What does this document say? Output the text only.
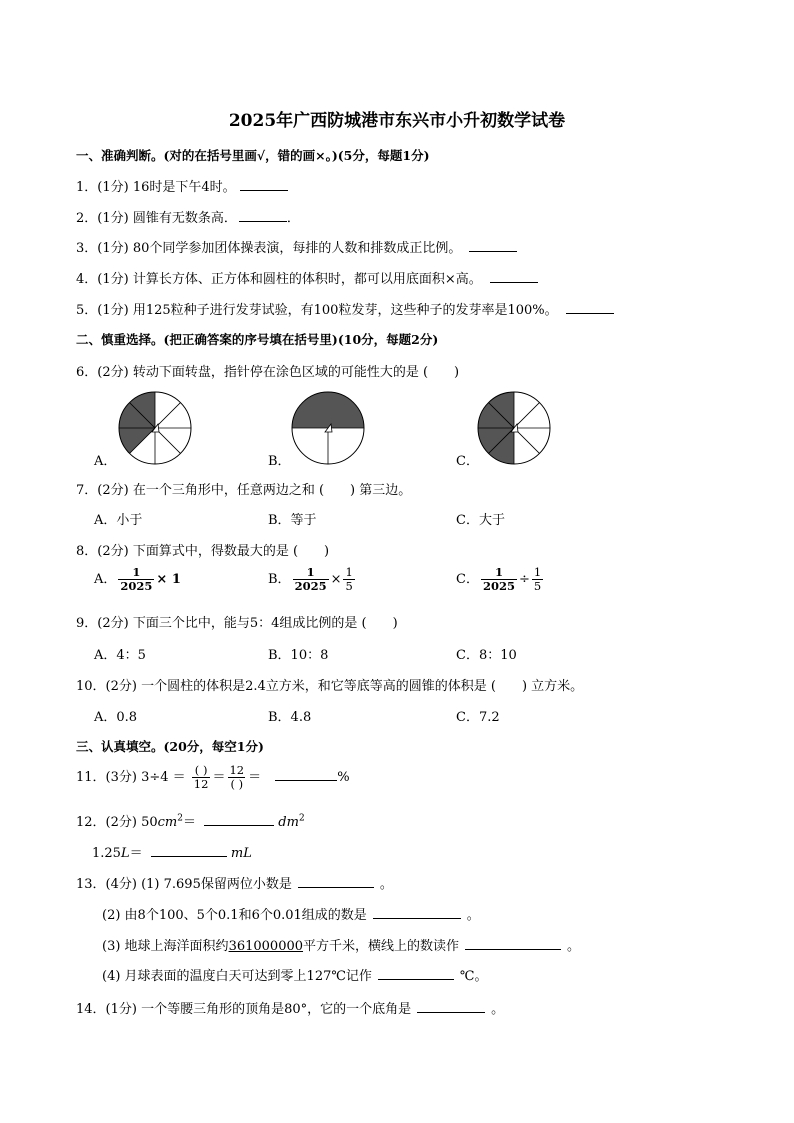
2025年广西防城港市东兴市小升初数学试卷
一、准确判断。(对的在括号里画√，错的画×。)(5分，每题1分)
1．(1分) 16时是下午4时。
2．(1分) 圆锥有无数条高．	．
3．(1分) 80个同学参加团体操表演，每排的人数和排数成正比例。
4．(1分) 计算长方体、正方体和圆柱的体积时，都可以用底面积×高。
5．(1分) 用125粒种子进行发芽试验，有100粒发芽，这些种子的发芽率是100%。
二、慎重选择。(把正确答案的序号填在括号里)(10分，每题2分)
6．(2分) 转动下面转盘，指针停在涂色区域的可能性大的是 (　　)
A．	B．	C．
7．(2分) 在一个三角形中，任意两边之和 (　　) 第三边。
A．小于	B．等于	C．大于
8．(2分) 下面算式中，得数最大的是 (　　)
A． $\frac{1}{2025} \times 1$	B． $\frac{1}{2025} \times \frac{1}{5}$	C． $\frac{1}{2025} \div \frac{1}{5}$
9．(2分) 下面三个比中，能与5：4组成比例的是 (　　)
A．4：5	B．10：8	C．8：10
10．(2分) 一个圆柱的体积是2.4立方米，和它等底等高的圆锥的体积是 (　　) 立方米。
A．0.8	B．4.8	C．7.2
三、认真填空。(20分，每空1分)
11．(3分) $3\div 4 = \frac{( )}{12} = \frac{12}{( )}$ ＝	%
12．(2分) $50cm^2=$	$dm^2$
1.25L＝	mL
13．(4分) (1) 7.695保留两位小数是	。
(2) 由8个100、5个0.1和6个0.01组成的数是	。
(3) 地球上海洋面积约361000000平方千米，横线上的数读作	。
(4) 月球表面的温度白天可达到零上127℃记作	℃。
14．(1分) 一个等腰三角形的顶角是80°，它的一个底角是	。
